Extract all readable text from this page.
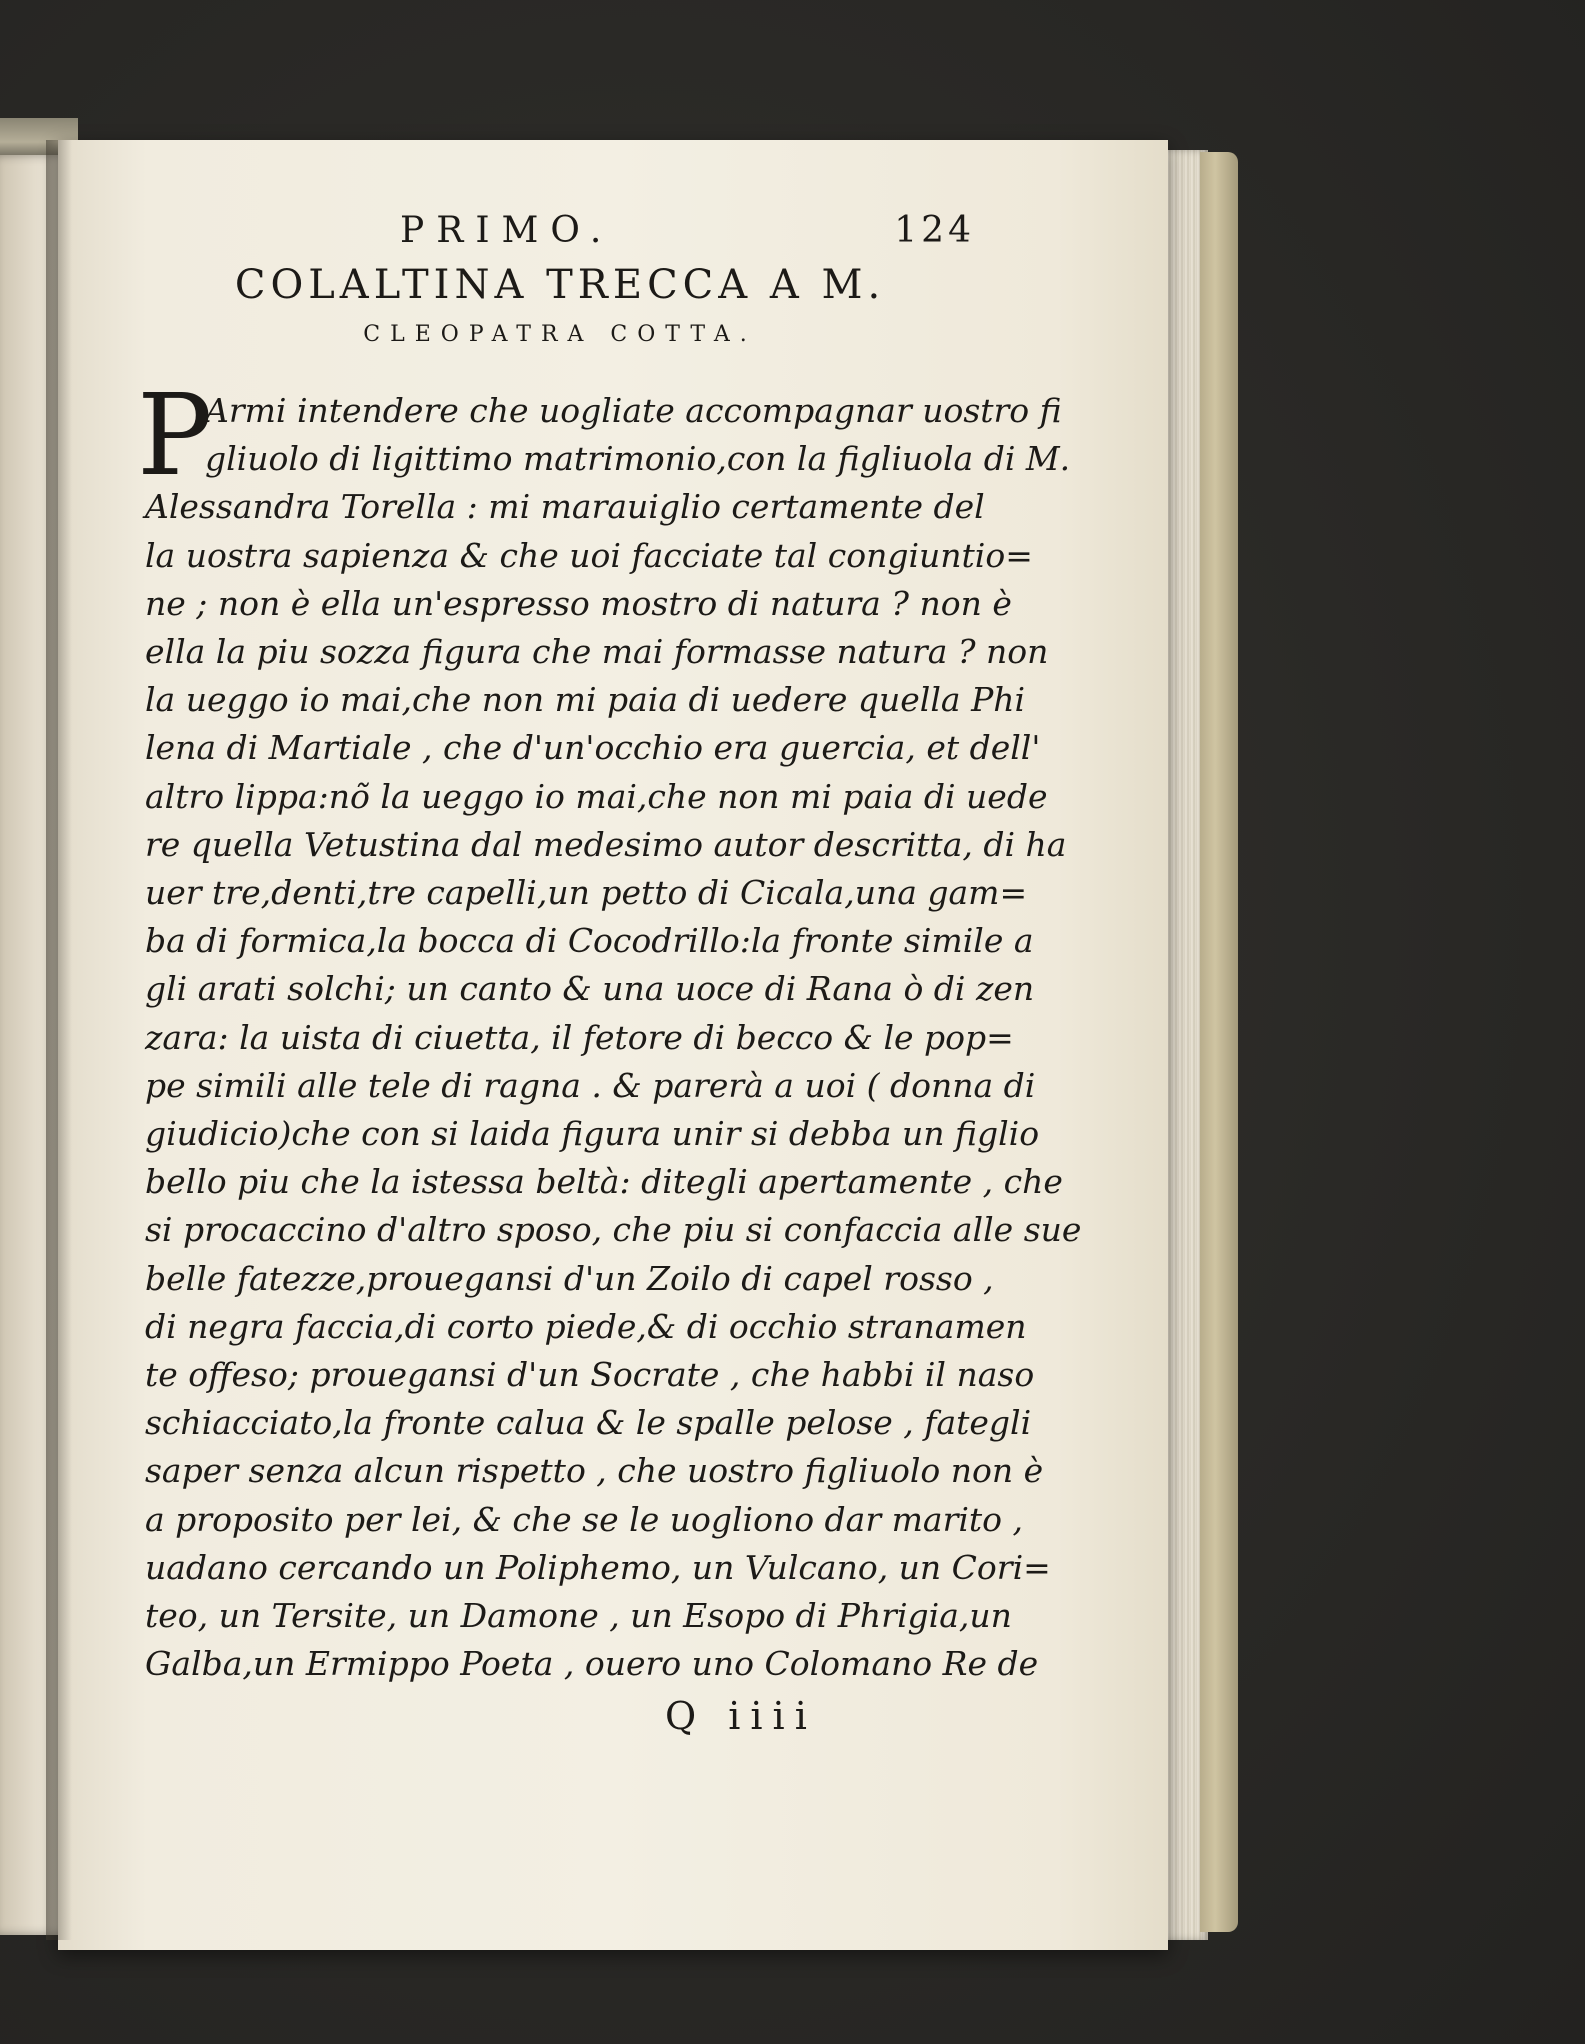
PRIMO.	124
COLALTINA TRECCA A M.
CLEOPATRA COTTA.
P
Armi intendere che uogliate accompagnar uostro fi
gliuolo di ligittimo matrimonio,con la figliuola di M.
Alessandra Torella : mi marauiglio certamente del
la uostra sapienza & che uoi facciate tal congiuntio=
ne ; non è ella un'espresso mostro di natura ? non è
ella la piu sozza figura che mai formasse natura ? non
la ueggo io mai,che non mi paia di uedere quella Phi
lena di Martiale , che d'un'occhio era guercia, et dell'
altro lippa:nõ la ueggo io mai,che non mi paia di uede
re quella Vetustina dal medesimo autor descritta, di ha
uer tre,denti,tre capelli,un petto di Cicala,una gam=
ba di formica,la bocca di Cocodrillo:la fronte simile a
gli arati solchi; un canto & una uoce di Rana ò di zen
zara: la uista di ciuetta, il fetore di becco & le pop=
pe simili alle tele di ragna . & parerà a uoi ( donna di
giudicio)che con si laida figura unir si debba un figlio
bello piu che la istessa beltà: ditegli apertamente , che
si procaccino d'altro sposo, che piu si confaccia alle sue
belle fatezze,prouegansi d'un Zoilo di capel rosso ,
di negra faccia,di corto piede,& di occhio stranamen
te offeso; prouegansi d'un Socrate , che habbi il naso
schiacciato,la fronte calua & le spalle pelose , fategli
saper senza alcun rispetto , che uostro figliuolo non è
a proposito per lei, & che se le uogliono dar marito ,
uadano cercando un Poliphemo, un Vulcano, un Cori=
teo, un Tersite, un Damone , un Esopo di Phrigia,un
Galba,un Ermippo Poeta , ouero uno Colomano Re de
Q iiii
